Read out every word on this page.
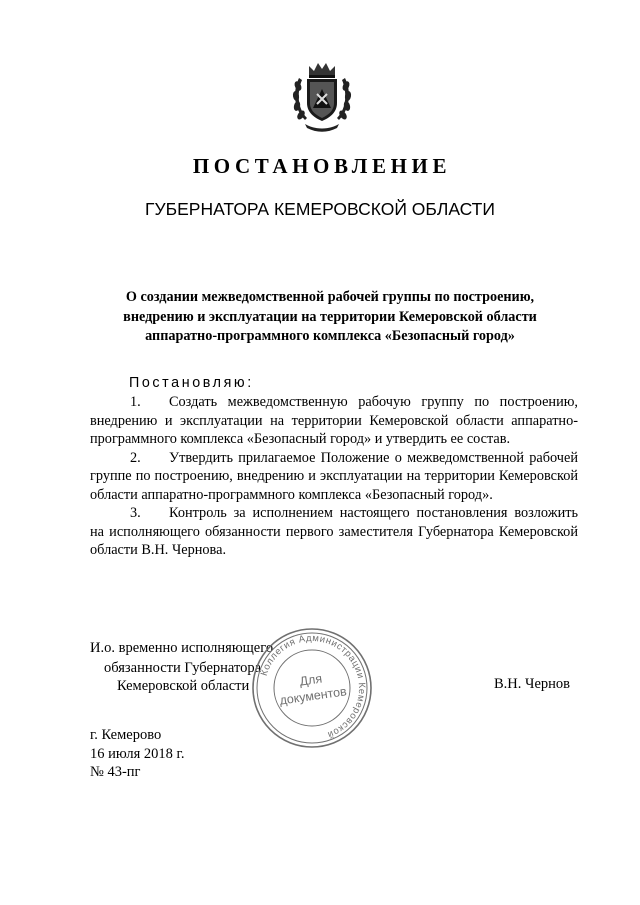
ПОСТАНОВЛЕНИЕ
ГУБЕРНАТОРА КЕМЕРОВСКОЙ ОБЛАСТИ
О создании межведомственной рабочей группы по построению,
внедрению и эксплуатации на территории Кемеровской области
аппаратно-программного комплекса «Безопасный город»
Постановляю:

1. Создать межведомственную рабочую группу по построению, внедрению и эксплуатации на территории Кемеровской области аппаратно-программного комплекса «Безопасный город» и утвердить ее состав.

2. Утвердить прилагаемое Положение о межведомственной рабочей группе по построению, внедрению и эксплуатации на территории Кемеровской области аппаратно-программного комплекса «Безопасный город».

3. Контроль за исполнением настоящего постановления возложить на исполняющего обязанности первого заместителя Губернатора Кемеровской области В.Н. Чернова.

И.о. временно исполняющего
обязанности Губернатора
Кемеровской области	В.Н. Чернов
Коллегия Администрации Кемеровской
Для
документов
г. Кемерово
16 июля 2018 г.
№ 43-пг
